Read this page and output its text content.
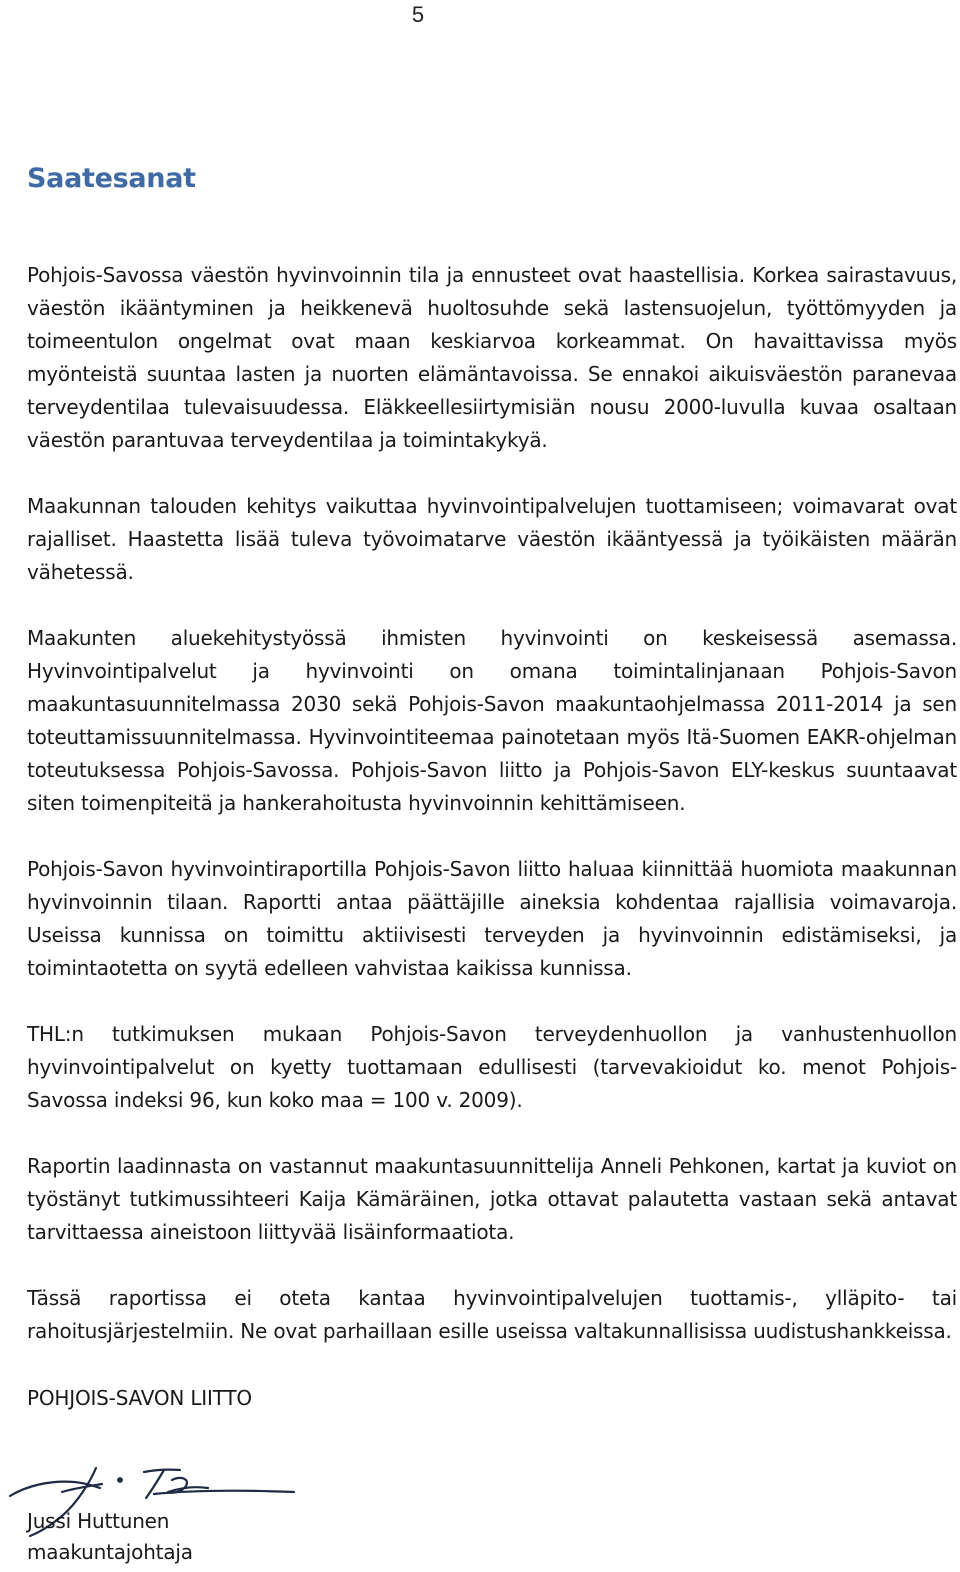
5
Saatesanat

Pohjois-Savossa väestön hyvinvoinnin tila ja ennusteet ovat haastellisia. Korkea sairastavuus, väestön ikääntyminen ja heikkenevä huoltosuhde sekä lastensuojelun, työttömyyden ja toimeentulon ongelmat ovat maan keskiarvoa korkeammat. On havaittavissa myös myönteistä suuntaa lasten ja nuorten elämäntavoissa. Se ennakoi aikuisväestön paranevaa terveydentilaa tulevaisuudessa. Eläkkeellesiirtymisiän nousu 2000-luvulla kuvaa osaltaan väestön parantuvaa terveydentilaa ja toimintakykyä.

Maakunnan talouden kehitys vaikuttaa hyvinvointipalvelujen tuottamiseen; voimavarat ovat rajalliset. Haastetta lisää tuleva työvoimatarve väestön ikääntyessä ja työikäisten määrän vähetessä.

Maakunten aluekehitystyössä ihmisten hyvinvointi on keskeisessä asemassa. Hyvinvointipalvelut ja hyvinvointi on omana toimintalinjanaan Pohjois-Savon maakuntasuunnitelmassa 2030 sekä Pohjois-Savon maakuntaohjelmassa 2011-2014 ja sen toteuttamissuunnitelmassa. Hyvinvointiteemaa painotetaan myös Itä-Suomen EAKR-ohjelman toteutuksessa Pohjois-Savossa. Pohjois-Savon liitto ja Pohjois-Savon ELY-keskus suuntaavat siten toimenpiteitä ja hankerahoitusta hyvinvoinnin kehittämiseen.

Pohjois-Savon hyvinvointiraportilla Pohjois-Savon liitto haluaa kiinnittää huomiota maakunnan hyvinvoinnin tilaan. Raportti antaa päättäjille aineksia kohdentaa rajallisia voimavaroja. Useissa kunnissa on toimittu aktiivisesti terveyden ja hyvinvoinnin edistämiseksi, ja toimintaotetta on syytä edelleen vahvistaa kaikissa kunnissa.

THL:n tutkimuksen mukaan Pohjois-Savon terveydenhuollon ja vanhustenhuollon hyvinvointipalvelut on kyetty tuottamaan edullisesti (tarvevakioidut ko. menot Pohjois-Savossa indeksi 96, kun koko maa = 100 v. 2009).

Raportin laadinnasta on vastannut maakuntasuunnittelija Anneli Pehkonen, kartat ja kuviot on työstänyt tutkimussihteeri Kaija Kämäräinen, jotka ottavat palautetta vastaan sekä antavat tarvittaessa aineistoon liittyvää lisäinformaatiota.

Tässä raportissa ei oteta kantaa hyvinvointipalvelujen tuottamis-, ylläpito- tai rahoitusjärjestelmiin. Ne ovat parhaillaan esille useissa valtakunnallisissa uudistushankkeissa.

POHJOIS-SAVON LIITTO
Jussi Huttunen
maakuntajohtaja
